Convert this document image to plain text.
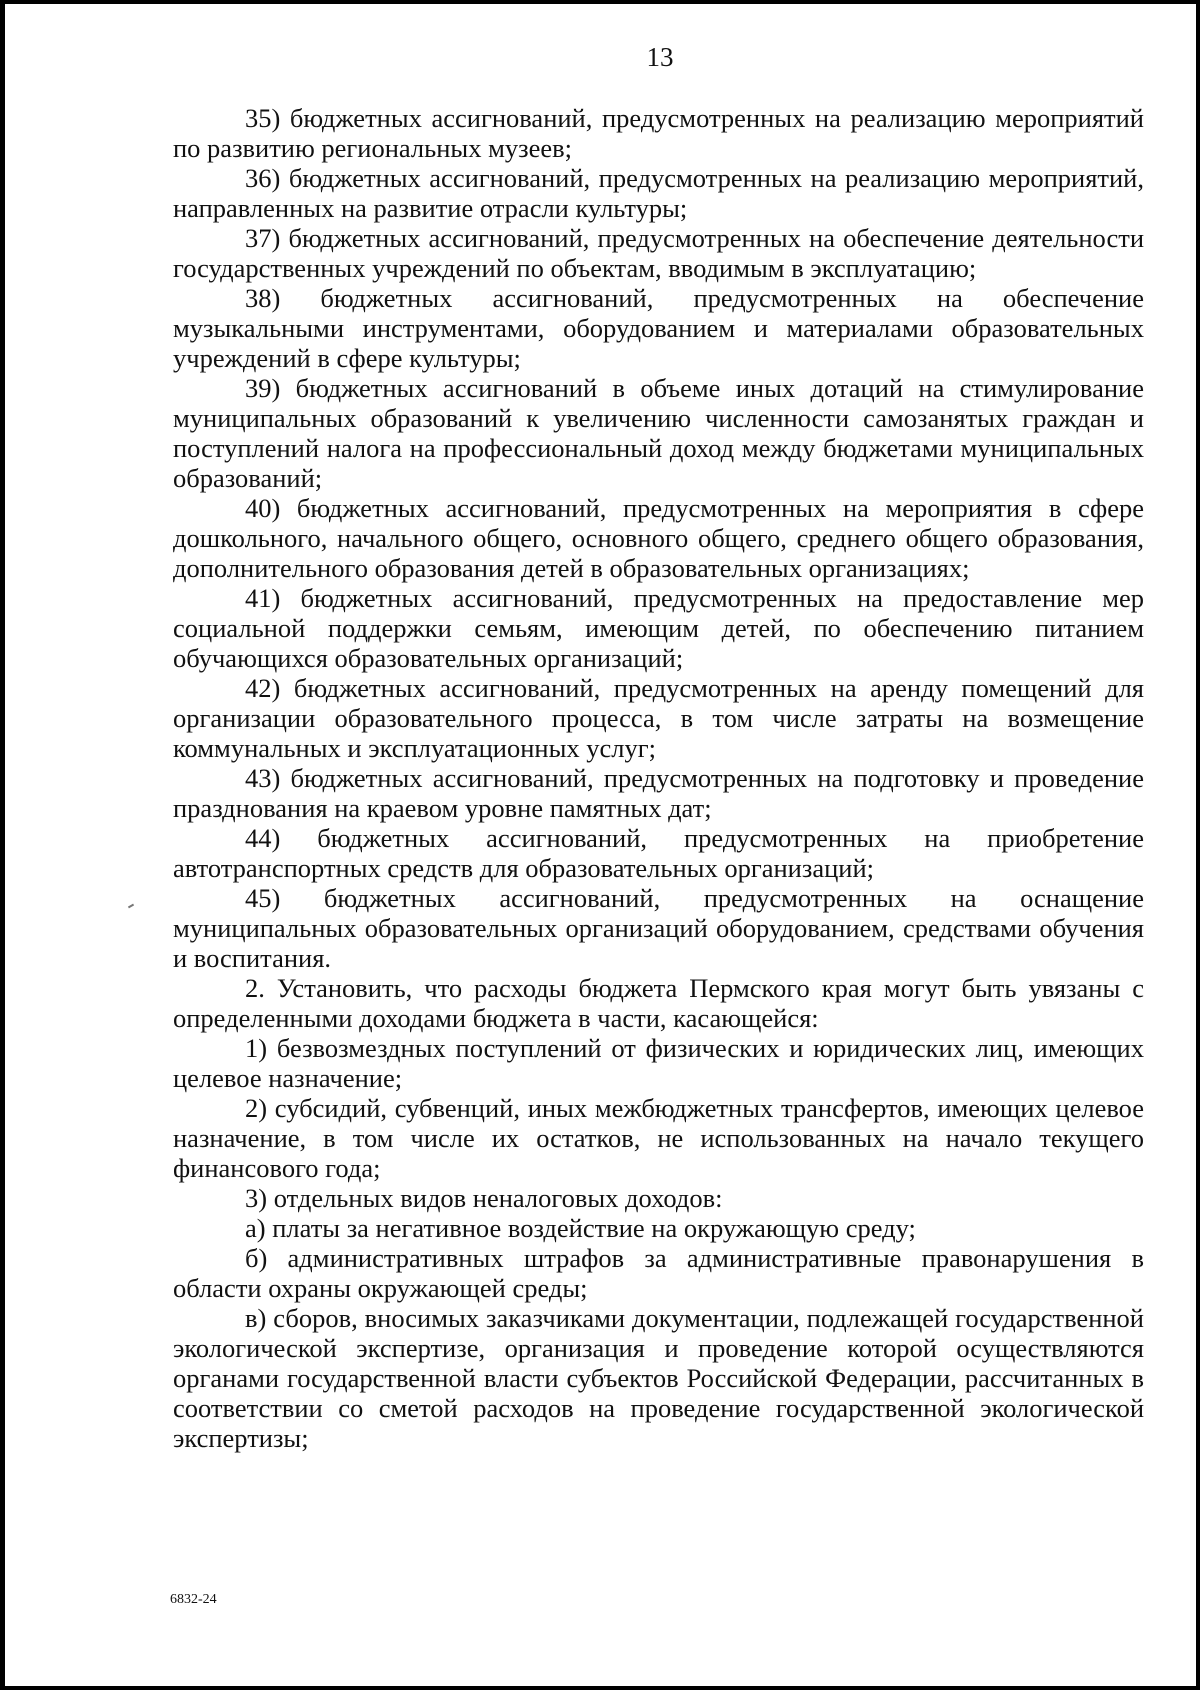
13

35) бюджетных ассигнований, предусмотренных на реализацию мероприятий по развитию региональных музеев;

36) бюджетных ассигнований, предусмотренных на реализацию мероприятий, направленных на развитие отрасли культуры;

37) бюджетных ассигнований, предусмотренных на обеспечение деятельности государственных учреждений по объектам, вводимым в эксплуатацию;

38) бюджетных ассигнований, предусмотренных на обеспечение музыкальными инструментами, оборудованием и материалами образовательных учреждений в сфере культуры;

39) бюджетных ассигнований в объеме иных дотаций на стимулирование муниципальных образований к увеличению численности самозанятых граждан и поступлений налога на профессиональный доход между бюджетами муниципальных образований;

40) бюджетных ассигнований, предусмотренных на мероприятия в сфере дошкольного, начального общего, основного общего, среднего общего образования, дополнительного образования детей в образовательных организациях;

41) бюджетных ассигнований, предусмотренных на предоставление мер социальной поддержки семьям, имеющим детей, по обеспечению питанием обучающихся образовательных организаций;

42) бюджетных ассигнований, предусмотренных на аренду помещений для организации образовательного процесса, в том числе затраты на возмещение коммунальных и эксплуатационных услуг;

43) бюджетных ассигнований, предусмотренных на подготовку и проведение празднования на краевом уровне памятных дат;

44) бюджетных ассигнований, предусмотренных на приобретение автотранспортных средств для образовательных организаций;

45) бюджетных ассигнований, предусмотренных на оснащение муниципальных образовательных организаций оборудованием, средствами обучения и воспитания.

2. Установить, что расходы бюджета Пермского края могут быть увязаны с определенными доходами бюджета в части, касающейся:

1) безвозмездных поступлений от физических и юридических лиц, имеющих целевое назначение;

2) субсидий, субвенций, иных межбюджетных трансфертов, имеющих целевое назначение, в том числе их остатков, не использованных на начало текущего финансового года;

3) отдельных видов неналоговых доходов:

а) платы за негативное воздействие на окружающую среду;

б) административных штрафов за административные правонарушения в области охраны окружающей среды;

в) сборов, вносимых заказчиками документации, подлежащей государственной экологической экспертизе, организация и проведение которой осуществляются органами государственной власти субъектов Российской Федерации, рассчитанных в соответствии со сметой расходов на проведение государственной экологической экспертизы;

6832-24
